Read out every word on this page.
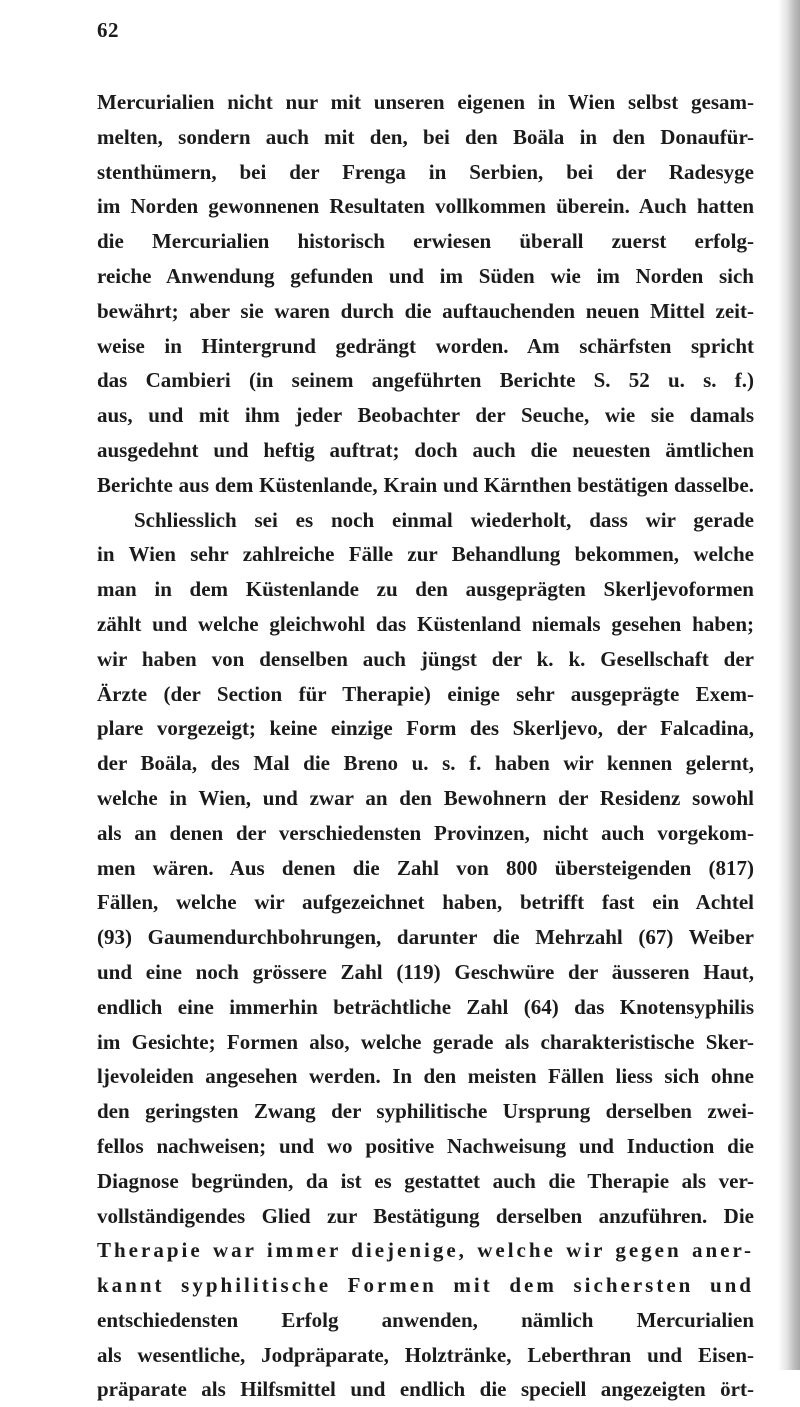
62
Mercurialien nicht nur mit unseren eigenen in Wien selbst gesam-
melten, sondern auch mit den, bei den Boäla in den Donaufür-
stenthümern, bei der Frenga in Serbien, bei der Radesyge
im Norden gewonnenen Resultaten vollkommen überein. Auch hatten
die Mercurialien historisch erwiesen überall zuerst erfolg-
reiche Anwendung gefunden und im Süden wie im Norden sich
bewährt; aber sie waren durch die auftauchenden neuen Mittel zeit-
weise in Hintergrund gedrängt worden. Am schärfsten spricht
das Cambieri (in seinem angeführten Berichte S. 52 u. s. f.)
aus, und mit ihm jeder Beobachter der Seuche, wie sie damals
ausgedehnt und heftig auftrat; doch auch die neuesten ämtlichen
Berichte aus dem Küstenlande, Krain und Kärnthen bestätigen dasselbe.
Schliesslich sei es noch einmal wiederholt, dass wir gerade
in Wien sehr zahlreiche Fälle zur Behandlung bekommen, welche
man in dem Küstenlande zu den ausgeprägten Skerljevoformen
zählt und welche gleichwohl das Küstenland niemals gesehen haben;
wir haben von denselben auch jüngst der k. k. Gesellschaft der
Ärzte (der Section für Therapie) einige sehr ausgeprägte Exem-
plare vorgezeigt; keine einzige Form des Skerljevo, der Falcadina,
der Boäla, des Mal die Breno u. s. f. haben wir kennen gelernt,
welche in Wien, und zwar an den Bewohnern der Residenz sowohl
als an denen der verschiedensten Provinzen, nicht auch vorgekom-
men wären. Aus denen die Zahl von 800 übersteigenden (817)
Fällen, welche wir aufgezeichnet haben, betrifft fast ein Achtel
(93) Gaumendurchbohrungen, darunter die Mehrzahl (67) Weiber
und eine noch grössere Zahl (119) Geschwüre der äusseren Haut,
endlich eine immerhin beträchtliche Zahl (64) das Knotensyphilis
im Gesichte; Formen also, welche gerade als charakteristische Sker-
ljevoleiden angesehen werden. In den meisten Fällen liess sich ohne
den geringsten Zwang der syphilitische Ursprung derselben zwei-
fellos nachweisen; und wo positive Nachweisung und Induction die
Diagnose begründen, da ist es gestattet auch die Therapie als ver-
vollständigendes Glied zur Bestätigung derselben anzuführen. Die
Therapie war immer diejenige, welche wir gegen aner-
kannt syphilitische Formen mit dem sichersten und
entschiedensten Erfolg anwenden, nämlich Mercurialien
als wesentliche, Jodpräparate, Holztränke, Leberthran und Eisen-
präparate als Hilfsmittel und endlich die speciell angezeigten ört-
